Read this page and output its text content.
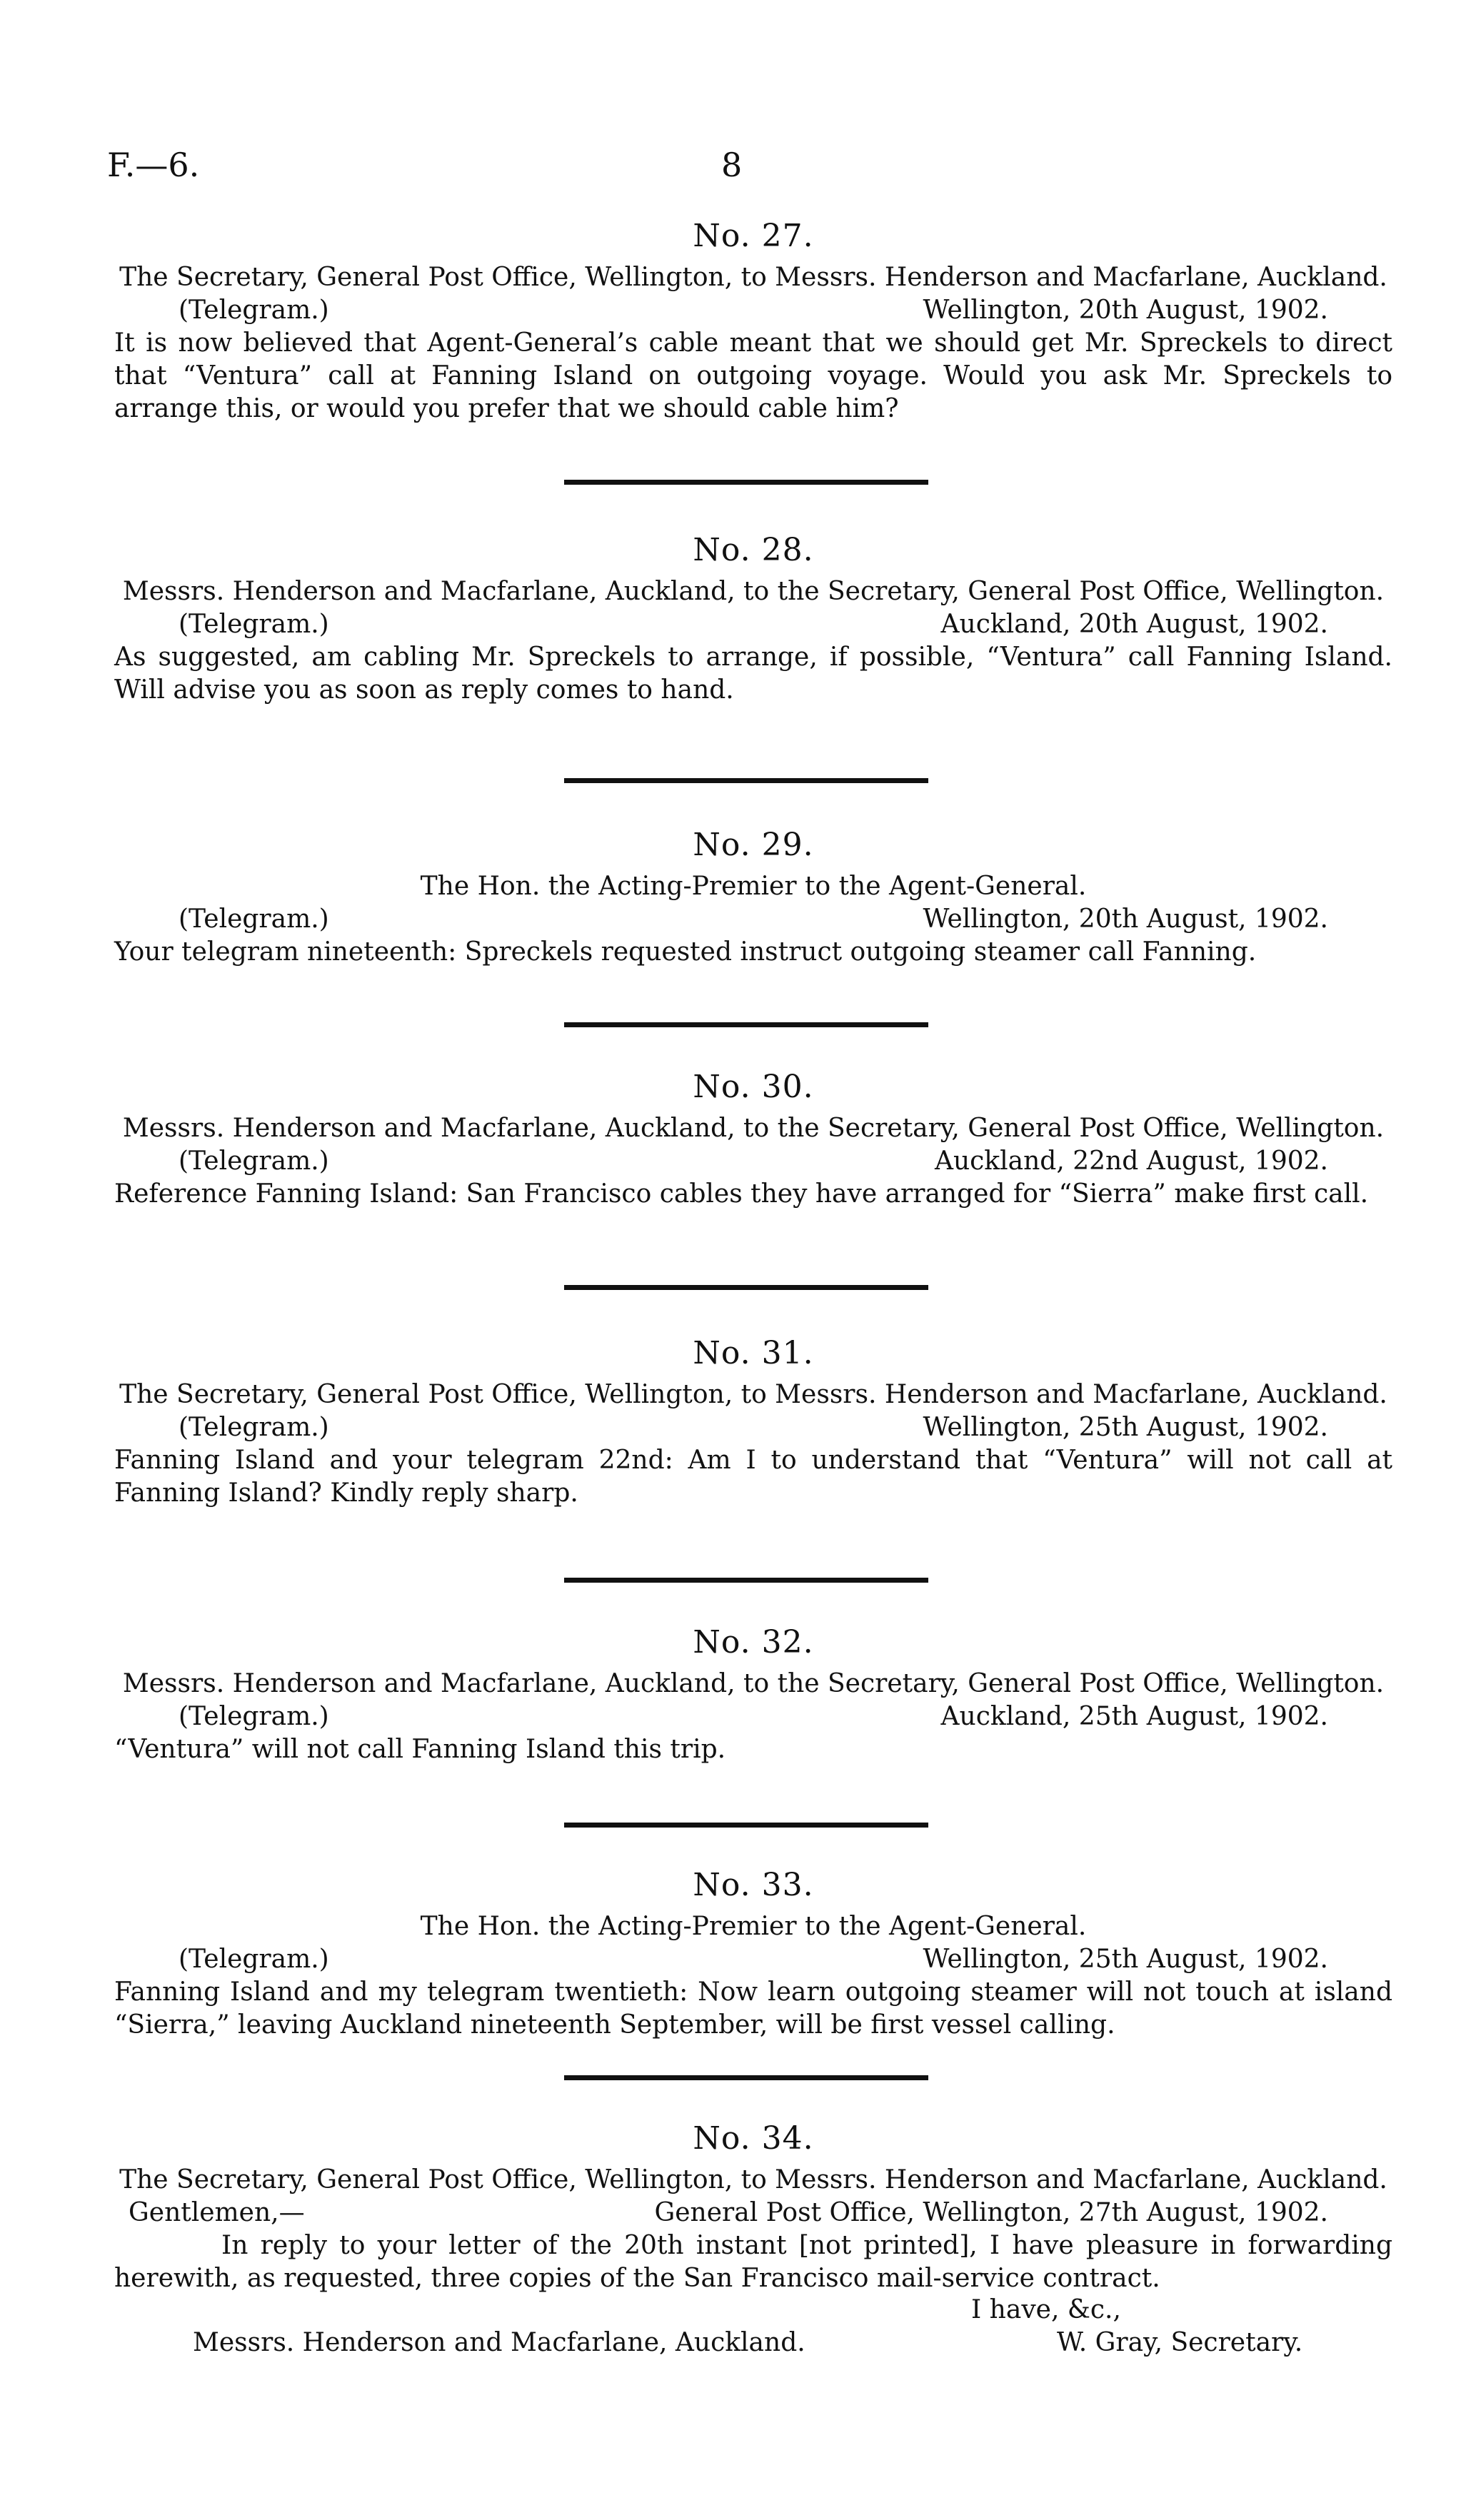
F.—6.	8
No. 27.
The Secretary, General Post Office, Wellington, to Messrs. Henderson and Macfarlane, Auckland.
(Telegram.)	Wellington, 20th August, 1902.
It is now believed that Agent-General’s cable meant that we should get Mr. Spreckels to direct that “Ventura” call at Fanning Island on outgoing voyage. Would you ask Mr. Spreckels to arrange this, or would you prefer that we should cable him?
No. 28.
Messrs. Henderson and Macfarlane, Auckland, to the Secretary, General Post Office, Wellington.
(Telegram.)	Auckland, 20th August, 1902.
As suggested, am cabling Mr. Spreckels to arrange, if possible, “Ventura” call Fanning Island. Will advise you as soon as reply comes to hand.
No. 29.
The Hon. the Acting-Premier to the Agent-General.
(Telegram.)	Wellington, 20th August, 1902.
Your telegram nineteenth: Spreckels requested instruct outgoing steamer call Fanning.
No. 30.
Messrs. Henderson and Macfarlane, Auckland, to the Secretary, General Post Office, Wellington.
(Telegram.)	Auckland, 22nd August, 1902.
Reference Fanning Island: San Francisco cables they have arranged for “Sierra” make first call.
No. 31.
The Secretary, General Post Office, Wellington, to Messrs. Henderson and Macfarlane, Auckland.
(Telegram.)	Wellington, 25th August, 1902.
Fanning Island and your telegram 22nd: Am I to understand that “Ventura” will not call at Fanning Island? Kindly reply sharp.
No. 32.
Messrs. Henderson and Macfarlane, Auckland, to the Secretary, General Post Office, Wellington.
(Telegram.)	Auckland, 25th August, 1902.
“Ventura” will not call Fanning Island this trip.
No. 33.
The Hon. the Acting-Premier to the Agent-General.
(Telegram.)	Wellington, 25th August, 1902.
Fanning Island and my telegram twentieth: Now learn outgoing steamer will not touch at island “Sierra,” leaving Auckland nineteenth September, will be first vessel calling.
No. 34.
The Secretary, General Post Office, Wellington, to Messrs. Henderson and Macfarlane, Auckland.
Gentlemen,—	General Post Office, Wellington, 27th August, 1902.
In reply to your letter of the 20th instant [not printed], I have pleasure in forwarding herewith, as requested, three copies of the San Francisco mail-service contract.
I have, &c.,
Messrs. Henderson and Macfarlane, Auckland.	W. Gray, Secretary.
